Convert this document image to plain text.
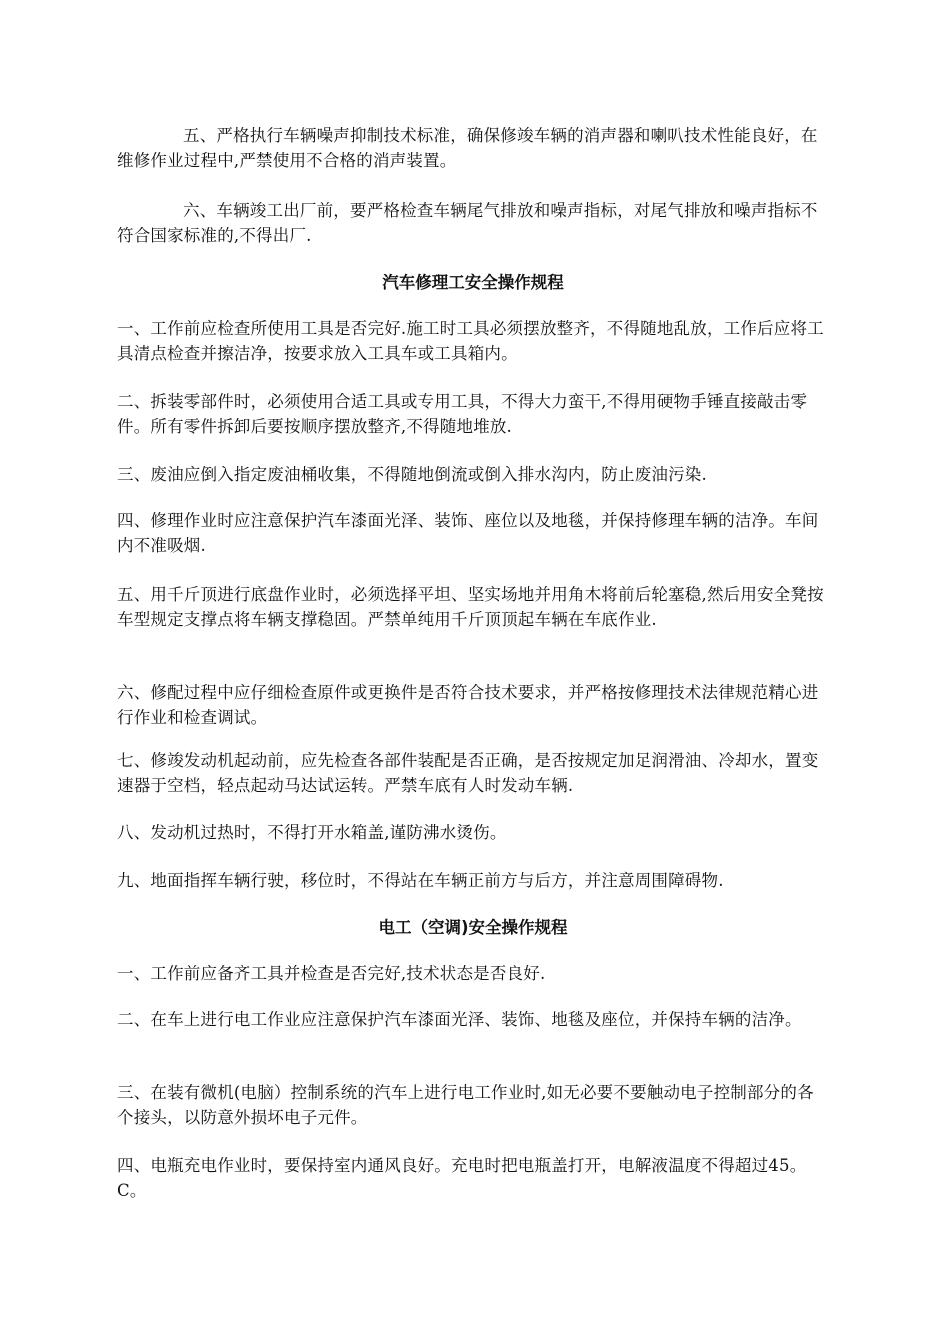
五、严格执行车辆噪声抑制技术标准，确保修竣车辆的消声器和喇叭技术性能良好，在维修作业过程中,严禁使用不合格的消声装置。

六、车辆竣工出厂前，要严格检查车辆尾气排放和噪声指标，对尾气排放和噪声指标不符合国家标准的,不得出厂.

汽车修理工安全操作规程

一、工作前应检查所使用工具是否完好.施工时工具必须摆放整齐，不得随地乱放，工作后应将工具清点检查并擦洁净，按要求放入工具车或工具箱内。

二、拆装零部件时，必须使用合适工具或专用工具，不得大力蛮干,不得用硬物手锤直接敲击零件。所有零件拆卸后要按顺序摆放整齐,不得随地堆放.

三、废油应倒入指定废油桶收集，不得随地倒流或倒入排水沟内，防止废油污染.

四、修理作业时应注意保护汽车漆面光泽、装饰、座位以及地毯，并保持修理车辆的洁净。车间内不准吸烟.

五、用千斤顶进行底盘作业时，必须选择平坦、坚实场地并用角木将前后轮塞稳,然后用安全凳按车型规定支撑点将车辆支撑稳固。严禁单纯用千斤顶顶起车辆在车底作业.

六、修配过程中应仔细检查原件或更换件是否符合技术要求，并严格按修理技术法律规范精心进行作业和检查调试。

七、修竣发动机起动前，应先检查各部件装配是否正确，是否按规定加足润滑油、冷却水，置变速器于空档，轻点起动马达试运转。严禁车底有人时发动车辆.

八、发动机过热时，不得打开水箱盖,谨防沸水烫伤。

九、地面指挥车辆行驶，移位时，不得站在车辆正前方与后方，并注意周围障碍物.

电工（空调)安全操作规程

一、工作前应备齐工具并检查是否完好,技术状态是否良好.

二、在车上进行电工作业应注意保护汽车漆面光泽、装饰、地毯及座位，并保持车辆的洁净。

三、在装有微机(电脑）控制系统的汽车上进行电工作业时,如无必要不要触动电子控制部分的各个接头，以防意外损坏电子元件。

四、电瓶充电作业时，要保持室内通风良好。充电时把电瓶盖打开，电解液温度不得超过45。C。
